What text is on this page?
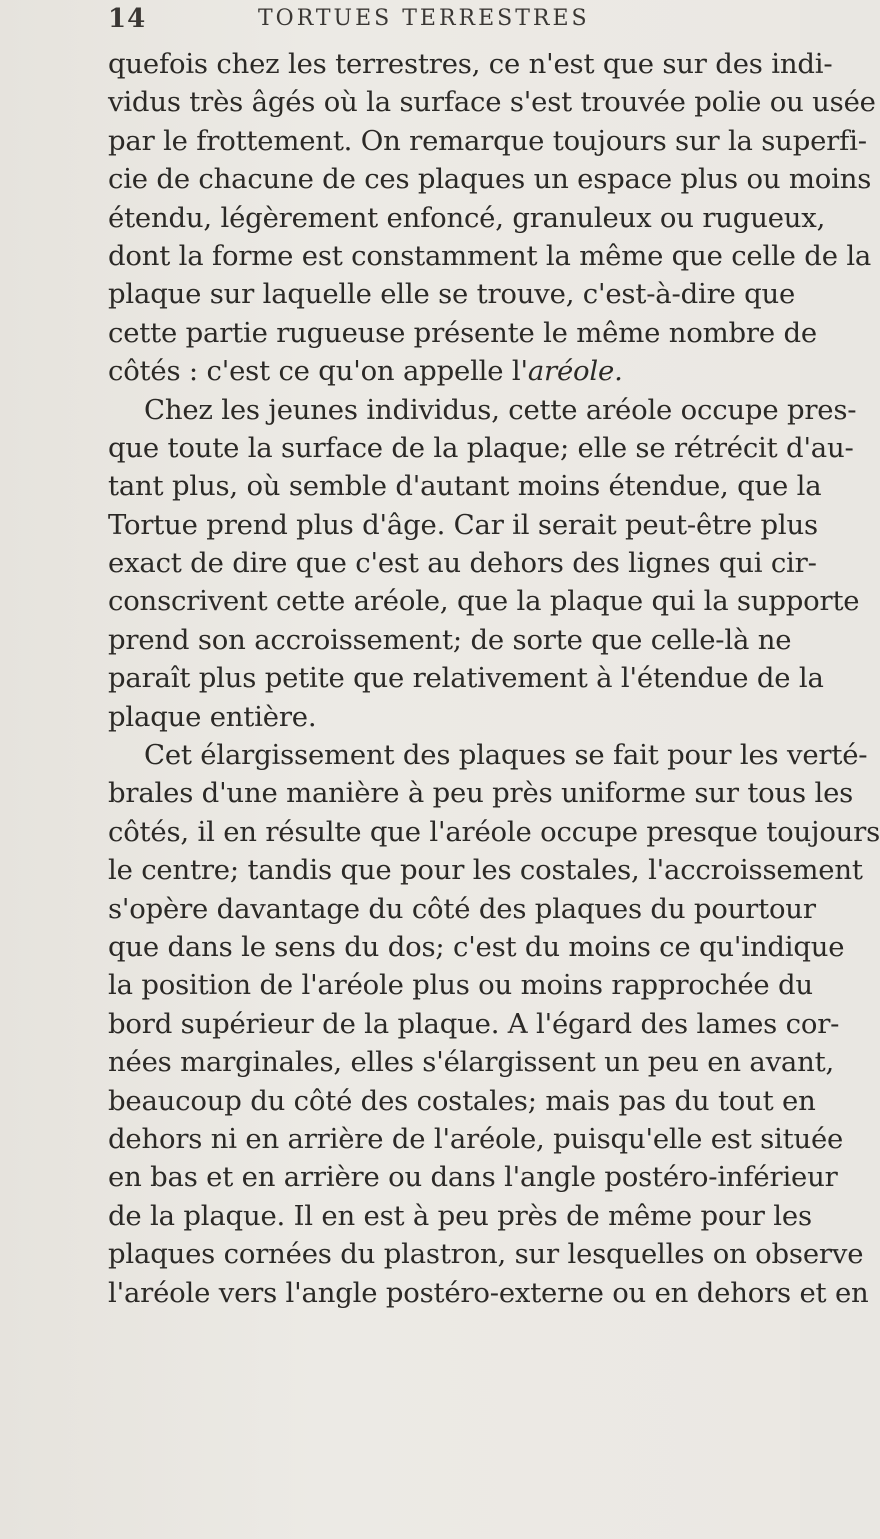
14	TORTUES TERRESTRES
quefois chez les terrestres, ce n'est que sur des indi-
vidus très âgés où la surface s'est trouvée polie ou usée
par le frottement. On remarque toujours sur la superfi-
cie de chacune de ces plaques un espace plus ou moins
étendu, légèrement enfoncé, granuleux ou rugueux,
dont la forme est constamment la même que celle de la
plaque sur laquelle elle se trouve, c'est-à-dire que
cette partie rugueuse présente le même nombre de
côtés : c'est ce qu'on appelle l'aréole.
Chez les jeunes individus, cette aréole occupe pres-
que toute la surface de la plaque; elle se rétrécit d'au-
tant plus, où semble d'autant moins étendue, que la
Tortue prend plus d'âge. Car il serait peut-être plus
exact de dire que c'est au dehors des lignes qui cir-
conscrivent cette aréole, que la plaque qui la supporte
prend son accroissement; de sorte que celle-là ne
paraît plus petite que relativement à l'étendue de la
plaque entière.
Cet élargissement des plaques se fait pour les verté-
brales d'une manière à peu près uniforme sur tous les
côtés, il en résulte que l'aréole occupe presque toujours
le centre; tandis que pour les costales, l'accroissement
s'opère davantage du côté des plaques du pourtour
que dans le sens du dos; c'est du moins ce qu'indique
la position de l'aréole plus ou moins rapprochée du
bord supérieur de la plaque. A l'égard des lames cor-
nées marginales, elles s'élargissent un peu en avant,
beaucoup du côté des costales; mais pas du tout en
dehors ni en arrière de l'aréole, puisqu'elle est située
en bas et en arrière ou dans l'angle postéro-inférieur
de la plaque. Il en est à peu près de même pour les
plaques cornées du plastron, sur lesquelles on observe
l'aréole vers l'angle postéro-externe ou en dehors et en
